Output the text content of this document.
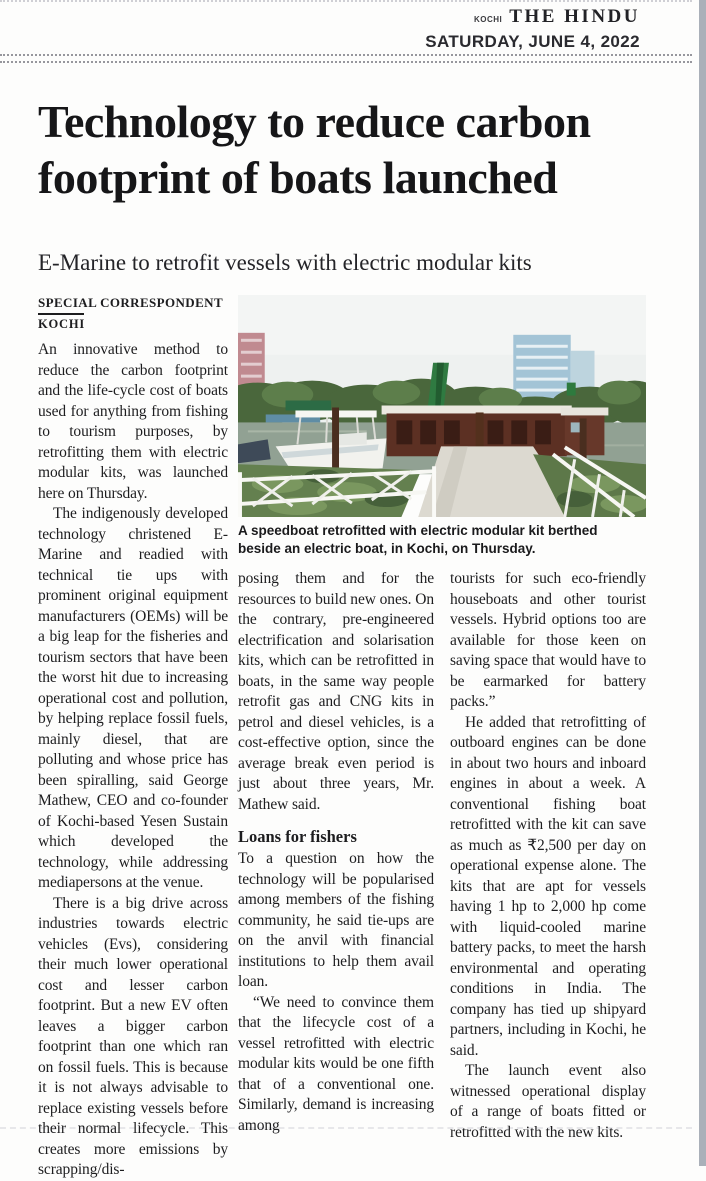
KOCHI THE HINDU
SATURDAY, JUNE 4, 2022
Technology to reduce carbon footprint of boats launched
E-Marine to retrofit vessels with electric modular kits
SPECIAL CORRESPONDENT
KOCHI

An innovative method to reduce the carbon footprint and the life-cycle cost of boats used for anything from fishing to tourism purposes, by retrofitting them with electric modular kits, was launched here on Thursday.

The indigenously developed technology christened E-Marine and readied with technical tie ups with prominent original equipment manufacturers (OEMs) will be a big leap for the fisheries and tourism sectors that have been the worst hit due to increasing operational cost and pollution, by helping replace fossil fuels, mainly diesel, that are polluting and whose price has been spiralling, said George Mathew, CEO and co-founder of Kochi-based Yesen Sustain which developed the technology, while addressing mediapersons at the venue.

There is a big drive across industries towards electric vehicles (Evs), considering their much lower operational cost and lesser carbon footprint. But a new EV often leaves a bigger carbon footprint than one which ran on fossil fuels. This is because it is not always advisable to replace existing vessels before their normal lifecycle. This creates more emissions by scrapping/dis-

A speedboat retrofitted with electric modular kit berthed beside an electric boat, in Kochi, on Thursday.

posing them and for the resources to build new ones. On the contrary, pre-engineered electrification and solarisation kits, which can be retrofitted in boats, in the same way people retrofit gas and CNG kits in petrol and diesel vehicles, is a cost-effective option, since the average break even period is just about three years, Mr. Mathew said.

Loans for fishers

To a question on how the technology will be popularised among members of the fishing community, he said tie-ups are on the anvil with financial institutions to help them avail loan.

“We need to convince them that the lifecycle cost of a vessel retrofitted with electric modular kits would be one fifth that of a conventional one. Similarly, demand is increasing among

tourists for such eco-friendly houseboats and other tourist vessels. Hybrid options too are available for those keen on saving space that would have to be earmarked for battery packs.”

He added that retrofitting of outboard engines can be done in about two hours and inboard engines in about a week. A conventional fishing boat retrofitted with the kit can save as much as ₹2,500 per day on operational expense alone. The kits that are apt for vessels having 1 hp to 2,000 hp come with liquid-cooled marine battery packs, to meet the harsh environmental and operating conditions in India. The company has tied up shipyard partners, including in Kochi, he said.

The launch event also witnessed operational display of a range of boats fitted or retrofitted with the new kits.
